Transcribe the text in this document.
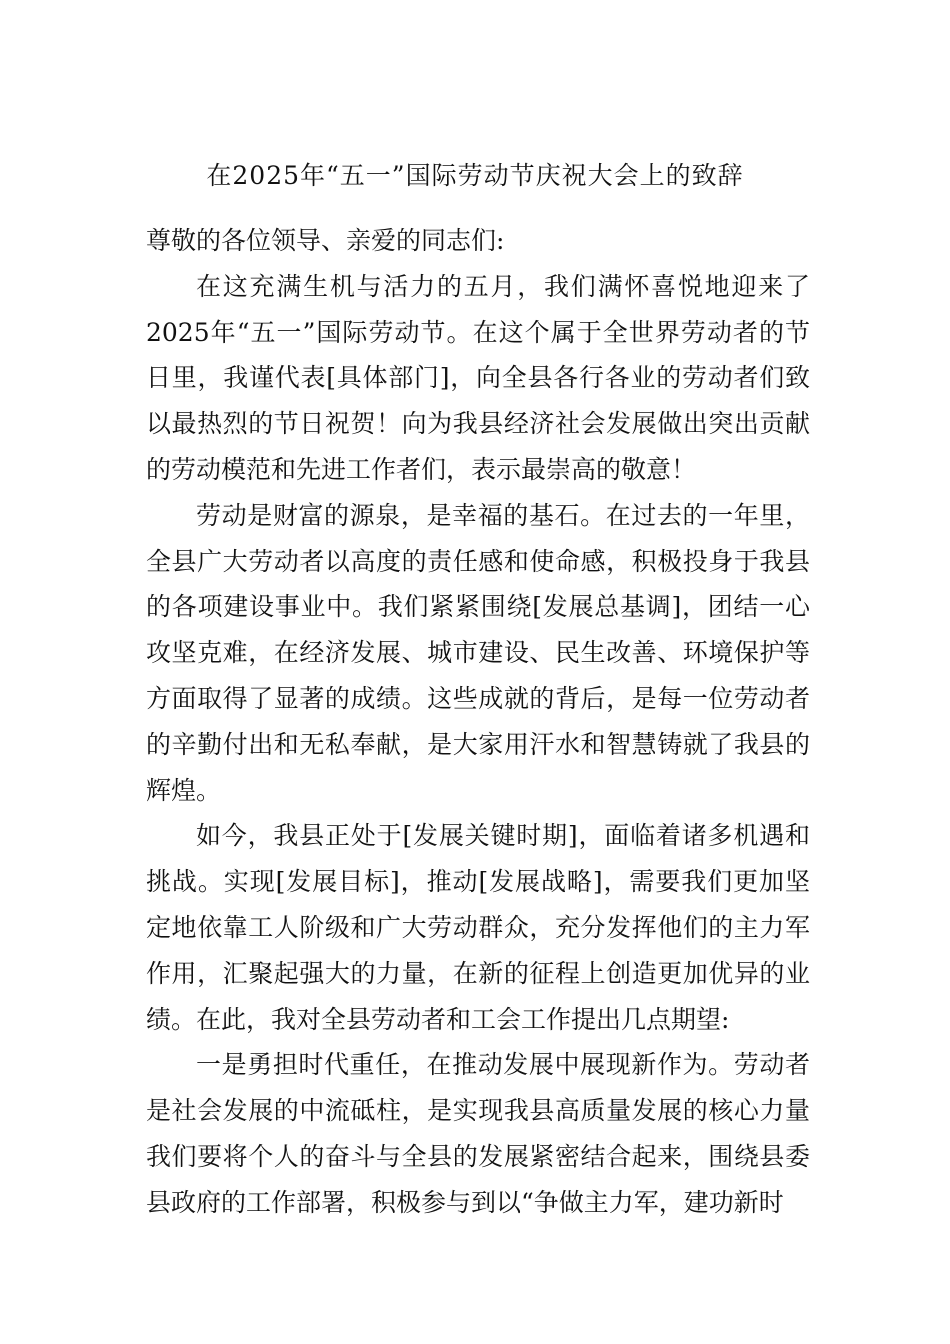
在2025年“五一”国际劳动节庆祝大会上的致辞

尊敬的各位领导、亲爱的同志们:

在这充满生机与活力的五月，我们满怀喜悦地迎来了2025年“五一”国际劳动节。在这个属于全世界劳动者的节日里，我谨代表[具体部门]，向全县各行各业的劳动者们致以最热烈的节日祝贺！向为我县经济社会发展做出突出贡献的劳动模范和先进工作者们，表示最崇高的敬意！

劳动是财富的源泉，是幸福的基石。在过去的一年里，全县广大劳动者以高度的责任感和使命感，积极投身于我县的各项建设事业中。我们紧紧围绕[发展总基调]，团结一心攻坚克难，在经济发展、城市建设、民生改善、环境保护等方面取得了显著的成绩。这些成就的背后，是每一位劳动者的辛勤付出和无私奉献，是大家用汗水和智慧铸就了我县的辉煌。

如今，我县正处于[发展关键时期]，面临着诸多机遇和挑战。实现[发展目标]，推动[发展战略]，需要我们更加坚定地依靠工人阶级和广大劳动群众，充分发挥他们的主力军作用，汇聚起强大的力量，在新的征程上创造更加优异的业绩。在此，我对全县劳动者和工会工作提出几点期望:

一是勇担时代重任，在推动发展中展现新作为。劳动者是社会发展的中流砥柱，是实现我县高质量发展的核心力量我们要将个人的奋斗与全县的发展紧密结合起来，围绕县委县政府的工作部署，积极参与到以“争做主力军，建功新时
